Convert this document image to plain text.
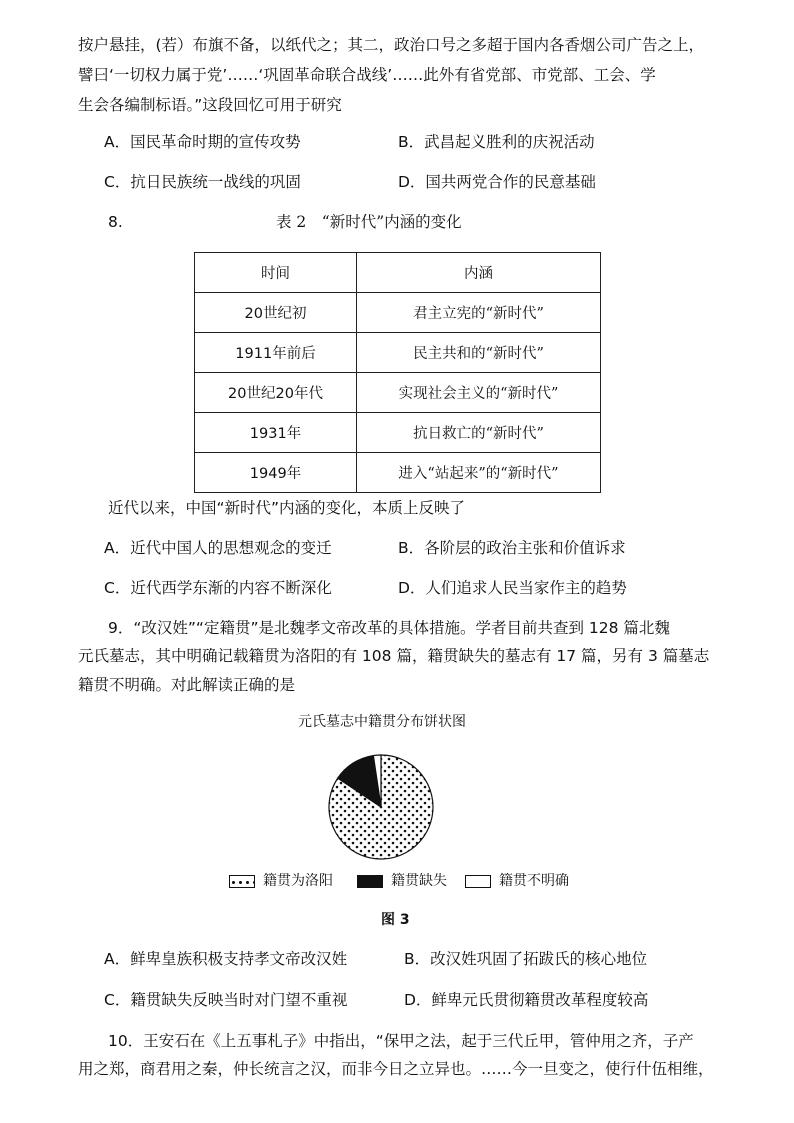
按户悬挂，(若）布旗不备，以纸代之；其二，政治口号之多超于国内各香烟公司广告之上，
譬曰‘一切权力属于党’……‘巩固革命联合战线’……此外有省党部、市党部、工会、学
生会各编制标语。”这段回忆可用于研究
A．国民革命时期的宣传攻势	B．武昌起义胜利的庆祝活动
C．抗日民族统一战线的巩固	D．国共两党合作的民意基础
8.	表 2　“新时代”内涵的变化
时间	内涵
20世纪初	君主立宪的“新时代”
1911年前后	民主共和的“新时代”
20世纪20年代	实现社会主义的“新时代”
1931年	抗日救亡的“新时代”
1949年	进入“站起来”的“新时代”
近代以来，中国“新时代”内涵的变化，本质上反映了
A．近代中国人的思想观念的变迁	B．各阶层的政治主张和价值诉求
C．近代西学东渐的内容不断深化	D．人们追求人民当家作主的趋势
9．“改汉姓”“定籍贯”是北魏孝文帝改革的具体措施。学者目前共查到 128 篇北魏
元氏墓志，其中明确记载籍贯为洛阳的有 108 篇，籍贯缺失的墓志有 17 篇，另有 3 篇墓志
籍贯不明确。对此解读正确的是
元氏墓志中籍贯分布饼状图
籍贯为洛阳	籍贯缺失	籍贯不明确
图 3
A．鲜卑皇族积极支持孝文帝改汉姓	B．改汉姓巩固了拓跋氏的核心地位
C．籍贯缺失反映当时对门望不重视	D．鲜卑元氏贯彻籍贯改革程度较高
10．王安石在《上五事札子》中指出，“保甲之法，起于三代丘甲，管仲用之齐，子产
用之郑，商君用之秦，仲长统言之汉，而非今日之立异也。……今一旦变之，使行什伍相维，
